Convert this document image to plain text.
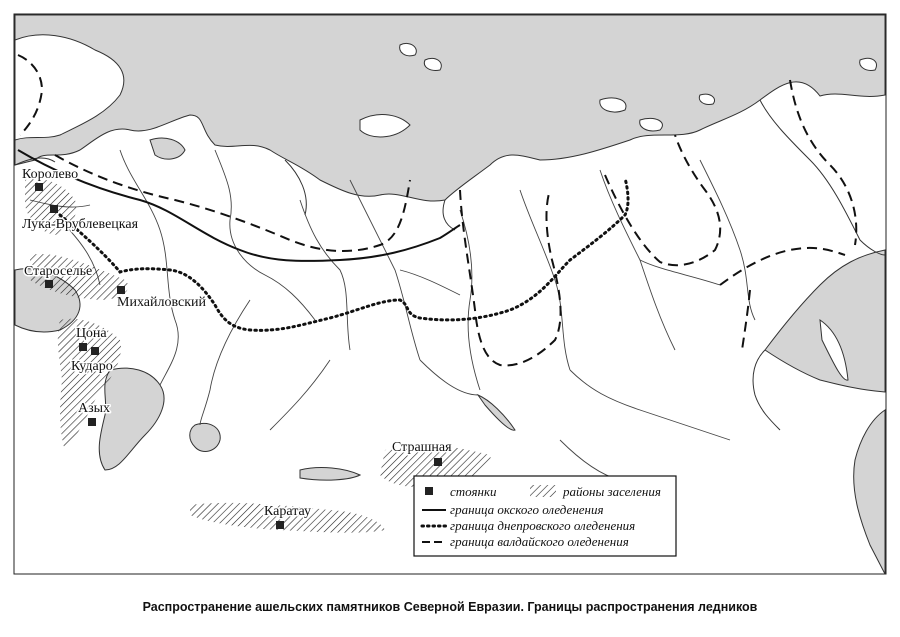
Королево
Лука-Врублевецкая
Старосельe
Михайловский
Цона
Кударо
Азых
Страшная
Каратау
стоянки	районы заселения
граница окского оледенения
граница днепровского оледенения
граница валдайского оледенения
Распространение ашельских памятников Северной Евразии. Границы распространения ледников
